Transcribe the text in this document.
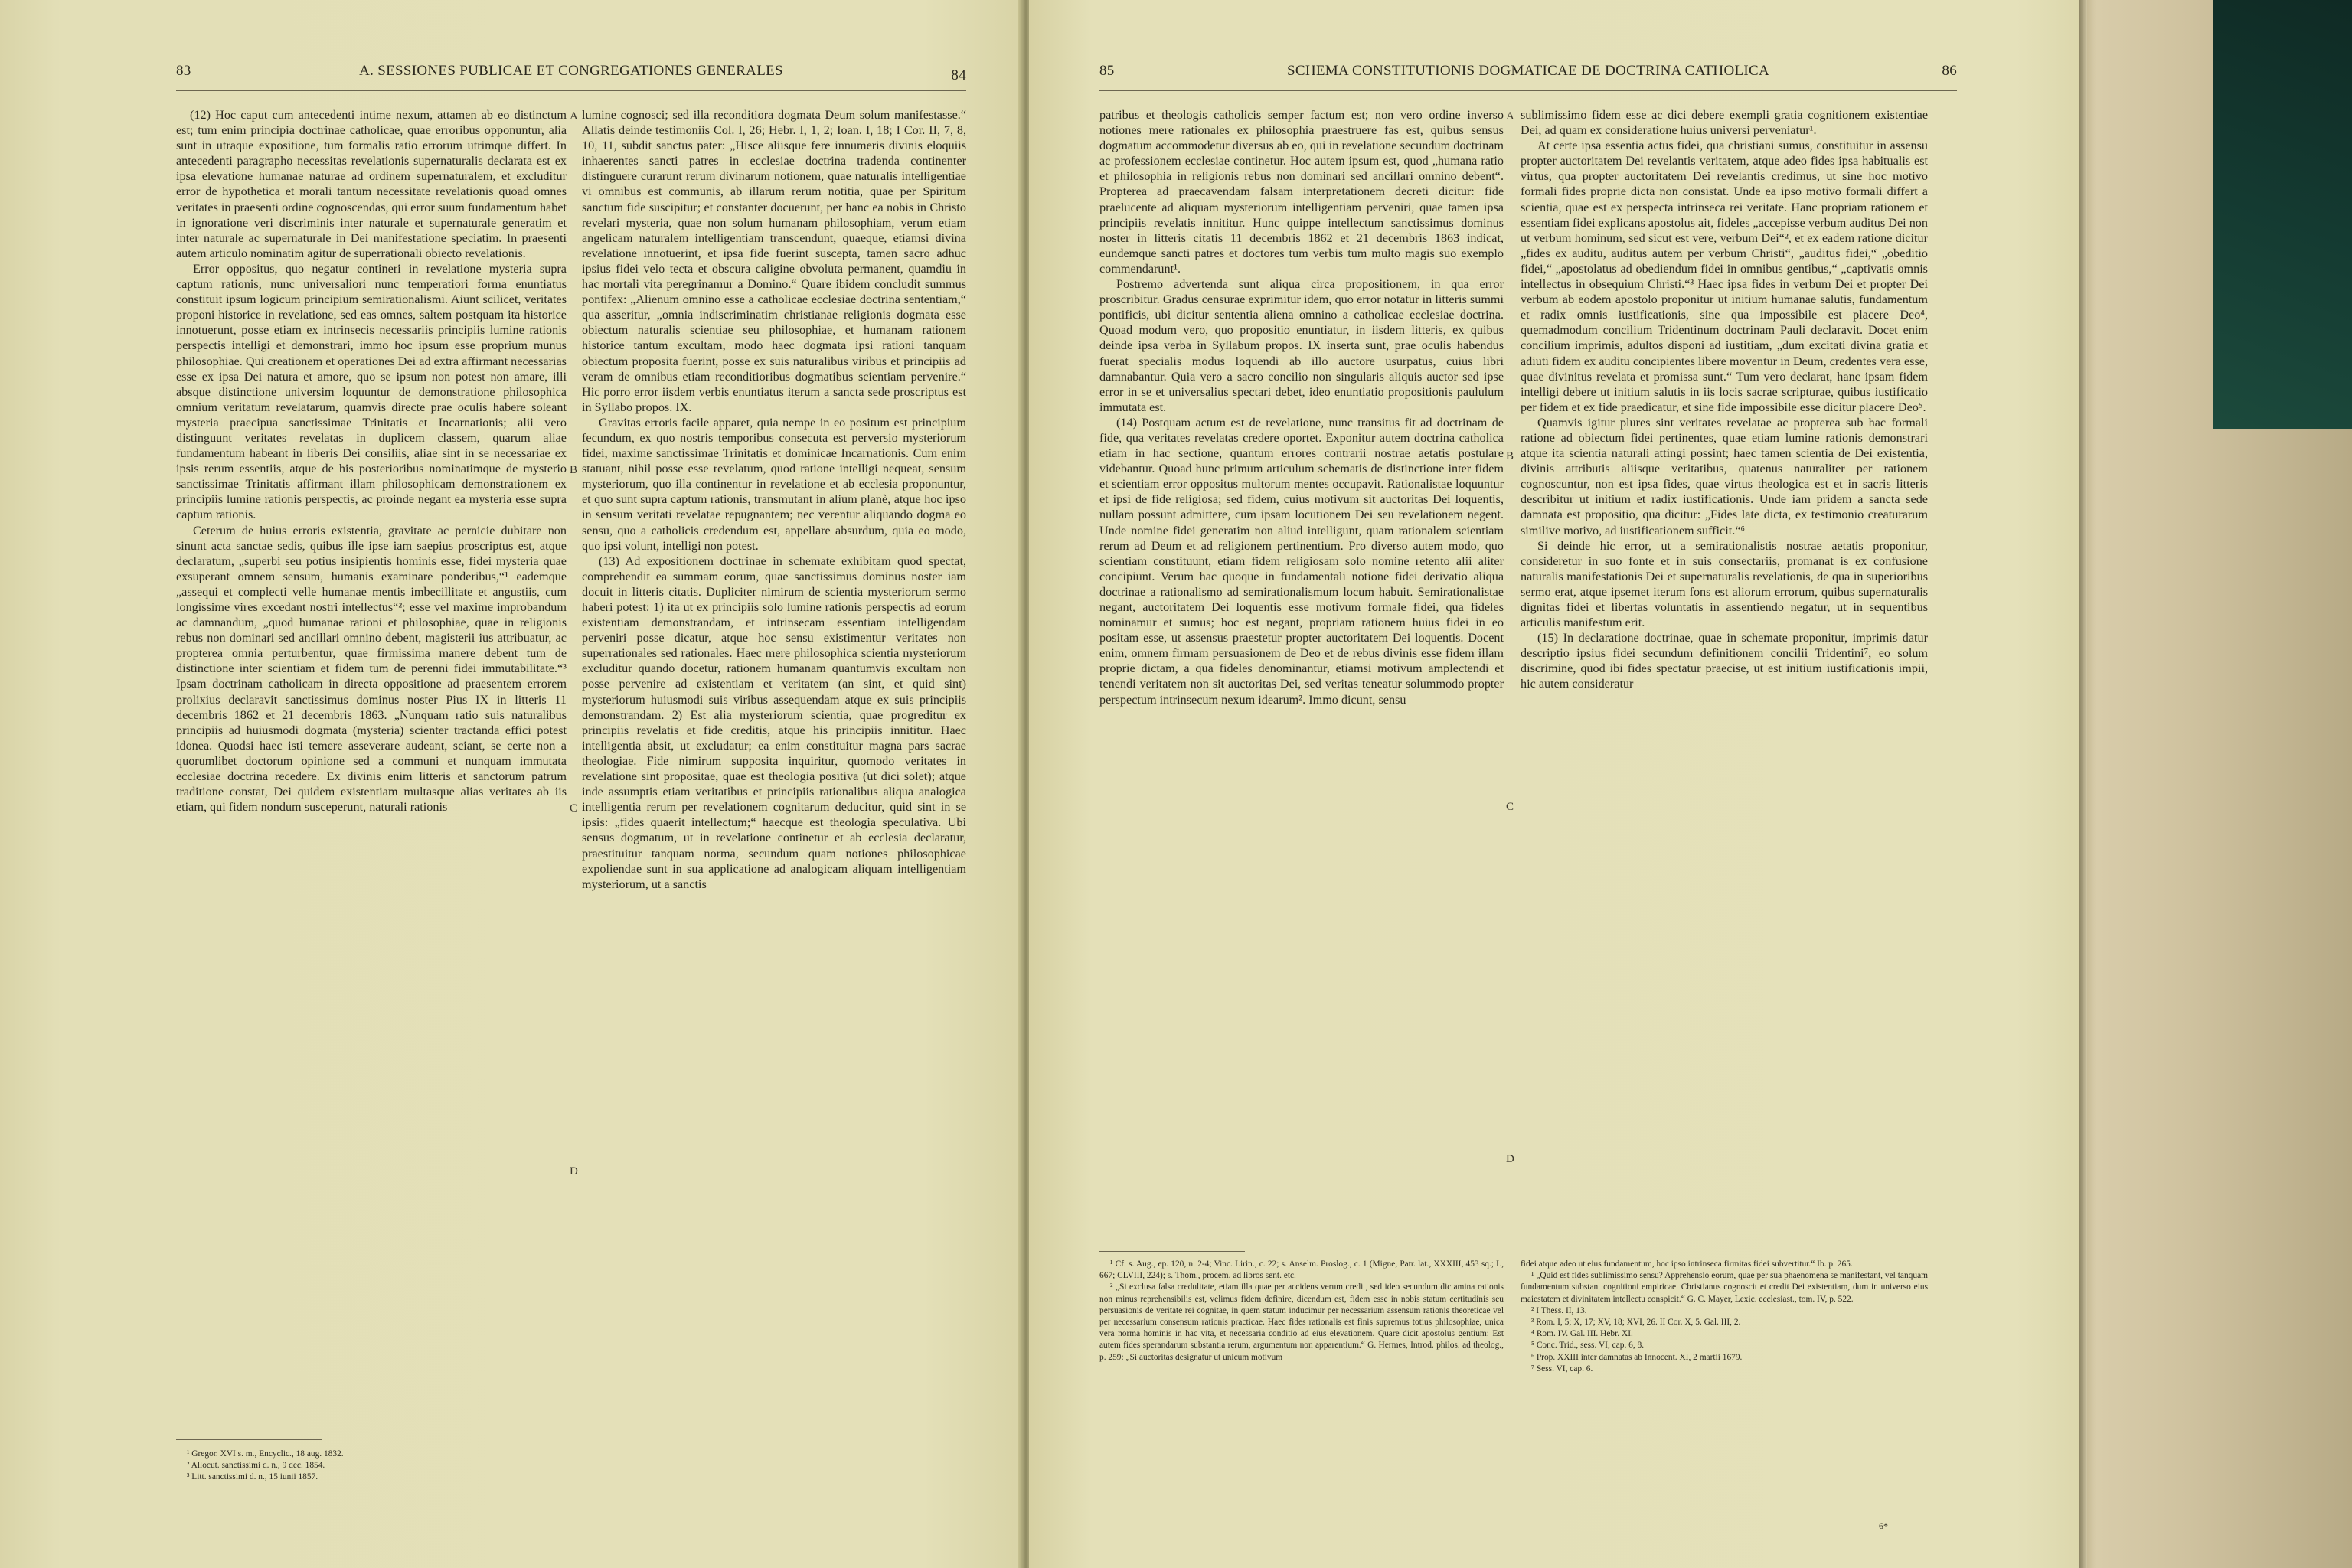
83	A. SESSIONES PUBLICAE ET CONGREGATIONES GENERALES	84

(12) Hoc caput cum antecedenti intime nexum, attamen ab eo distinctum est; tum enim principia doctrinae catholicae, quae erroribus opponuntur, alia sunt in utraque expositione, tum formalis ratio errorum utrimque differt. In antecedenti paragrapho necessitas revelationis supernaturalis declarata est ex ipsa elevatione humanae naturae ad ordinem supernaturalem, et excluditur error de hypothetica et morali tantum necessitate revelationis quoad omnes veritates in praesenti ordine cognoscendas, qui error suum fundamentum habet in ignoratione veri discriminis inter naturale et supernaturale generatim et inter naturale ac supernaturale in Dei manifestatione speciatim. In praesenti autem articulo nominatim agitur de superrationali obiecto revelationis.

Error oppositus, quo negatur contineri in revelatione mysteria supra captum rationis, nunc universaliori nunc temperatiori forma enuntiatus constituit ipsum logicum principium semirationalismi. Aiunt scilicet, veritates proponi historice in revelatione, sed eas omnes, saltem postquam ita historice innotuerunt, posse etiam ex intrinsecis necessariis principiis lumine rationis perspectis intelligi et demonstrari, immo hoc ipsum esse proprium munus philosophiae. Qui creationem et operationes Dei ad extra affirmant necessarias esse ex ipsa Dei natura et amore, quo se ipsum non potest non amare, illi absque distinctione universim loquuntur de demonstratione philosophica omnium veritatum revelatarum, quamvis directe prae oculis habere soleant mysteria praecipua sanctissimae Trinitatis et Incarnationis; alii vero distinguunt veritates revelatas in duplicem classem, quarum aliae fundamentum habeant in liberis Dei consiliis, aliae sint in se necessariae ex ipsis rerum essentiis, atque de his posterioribus nominatimque de mysterio sanctissimae Trinitatis affirmant illam philosophicam demonstrationem ex principiis lumine rationis perspectis, ac proinde negant ea mysteria esse supra captum rationis.

Ceterum de huius erroris existentia, gravitate ac pernicie dubitare non sinunt acta sanctae sedis, quibus ille ipse iam saepius proscriptus est, atque declaratum, „superbi seu potius insipientis hominis esse, fidei mysteria quae exsuperant omnem sensum, humanis examinare ponderibus,“¹ eademque „assequi et complecti velle humanae mentis imbecillitate et angustiis, cum longissime vires excedant nostri intellectus“²; esse vel maxime improbandum ac damnandum, „quod humanae rationi et philosophiae, quae in religionis rebus non dominari sed ancillari omnino debent, magisterii ius attribuatur, ac propterea omnia perturbentur, quae firmissima manere debent tum de distinctione inter scientiam et fidem tum de perenni fidei immutabilitate.“³ Ipsam doctrinam catholicam in directa oppositione ad praesentem errorem prolixius declaravit sanctissimus dominus noster Pius IX in litteris 11 decembris 1862 et 21 decembris 1863. „Nunquam ratio suis naturalibus principiis ad huiusmodi dogmata (mysteria) scienter tractanda effici potest idonea. Quodsi haec isti temere asseverare audeant, sciant, se certe non a quorumlibet doctorum opinione sed a communi et nunquam immutata ecclesiae doctrina recedere. Ex divinis enim litteris et sanctorum patrum traditione constat, Dei quidem existentiam multasque alias veritates ab iis etiam, qui fidem nondum susceperunt, naturali rationis

A
B
C
D

lumine cognosci; sed illa reconditiora dogmata Deum solum manifestasse.“ Allatis deinde testimoniis Col. I, 26; Hebr. I, 1, 2; Ioan. I, 18; I Cor. II, 7, 8, 10, 11, subdit sanctus pater: „Hisce aliisque fere innumeris divinis eloquiis inhaerentes sancti patres in ecclesiae doctrina tradenda continenter distinguere curarunt rerum divinarum notionem, quae naturalis intelligentiae vi omnibus est communis, ab illarum rerum notitia, quae per Spiritum sanctum fide suscipitur; et constanter docuerunt, per hanc ea nobis in Christo revelari mysteria, quae non solum humanam philosophiam, verum etiam angelicam naturalem intelligentiam transcendunt, quaeque, etiamsi divina revelatione innotuerint, et ipsa fide fuerint suscepta, tamen sacro adhuc ipsius fidei velo tecta et obscura caligine obvoluta permanent, quamdiu in hac mortali vita peregrinamur a Domino.“ Quare ibidem concludit summus pontifex: „Alienum omnino esse a catholicae ecclesiae doctrina sententiam,“ qua asseritur, „omnia indiscriminatim christianae religionis dogmata esse obiectum naturalis scientiae seu philosophiae, et humanam rationem historice tantum excultam, modo haec dogmata ipsi rationi tanquam obiectum proposita fuerint, posse ex suis naturalibus viribus et principiis ad veram de omnibus etiam reconditioribus dogmatibus scientiam pervenire.“ Hic porro error iisdem verbis enuntiatus iterum a sancta sede proscriptus est in Syllabo propos. IX.

Gravitas erroris facile apparet, quia nempe in eo positum est principium fecundum, ex quo nostris temporibus consecuta est perversio mysteriorum fidei, maxime sanctissimae Trinitatis et dominicae Incarnationis. Cum enim statuant, nihil posse esse revelatum, quod ratione intelligi nequeat, sensum mysteriorum, quo illa continentur in revelatione et ab ecclesia proponuntur, et quo sunt supra captum rationis, transmutant in alium planè, atque hoc ipso in sensum veritati revelatae repugnantem; nec verentur aliquando dogma eo sensu, quo a catholicis credendum est, appellare absurdum, quia eo modo, quo ipsi volunt, intelligi non potest.

(13) Ad expositionem doctrinae in schemate exhibitam quod spectat, comprehendit ea summam eorum, quae sanctissimus dominus noster iam docuit in litteris citatis. Dupliciter nimirum de scientia mysteriorum sermo haberi potest: 1) ita ut ex principiis solo lumine rationis perspectis ad eorum existentiam demonstrandam, et intrinsecam essentiam intelligendam perveniri posse dicatur, atque hoc sensu existimentur veritates non superrationales sed rationales. Haec mere philosophica scientia mysteriorum excluditur quando docetur, rationem humanam quantumvis excultam non posse pervenire ad existentiam et veritatem (an sint, et quid sint) mysteriorum huiusmodi suis viribus assequendam atque ex suis principiis demonstrandam. 2) Est alia mysteriorum scientia, quae progreditur ex principiis revelatis et fide creditis, atque his principiis innititur. Haec intelligentia absit, ut excludatur; ea enim constituitur magna pars sacrae theologiae. Fide nimirum supposita inquiritur, quomodo veritates in revelatione sint propositae, quae est theologia positiva (ut dici solet); atque inde assumptis etiam veritatibus et principiis rationalibus aliqua analogica intelligentia rerum per revelationem cognitarum deducitur, quid sint in se ipsis: „fides quaerit intellectum;“ haecque est theologia speculativa. Ubi sensus dogmatum, ut in revelatione continetur et ab ecclesia declaratur, praestituitur tanquam norma, secundum quam notiones philosophicae expoliendae sunt in sua applicatione ad analogicam aliquam intelligentiam mysteriorum, ut a sanctis

¹ Gregor. XVI s. m., Encyclic., 18 aug. 1832.

² Allocut. sanctissimi d. n., 9 dec. 1854.

³ Litt. sanctissimi d. n., 15 iunii 1857.

85	SCHEMA CONSTITUTIONIS DOGMATICAE DE DOCTRINA CATHOLICA	86

patribus et theologis catholicis semper factum est; non vero ordine inverso notiones mere rationales ex philosophia praestruere fas est, quibus sensus dogmatum accommodetur diversus ab eo, qui in revelatione secundum doctrinam ac professionem ecclesiae continetur. Hoc autem ipsum est, quod „humana ratio et philosophia in religionis rebus non dominari sed ancillari omnino debent“. Propterea ad praecavendam falsam interpretationem decreti dicitur: fide praelucente ad aliquam mysteriorum intelligentiam perveniri, quae tamen ipsa principiis revelatis innititur. Hunc quippe intellectum sanctissimus dominus noster in litteris citatis 11 decembris 1862 et 21 decembris 1863 indicat, eundemque sancti patres et doctores tum verbis tum multo magis suo exemplo commendarunt¹.

Postremo advertenda sunt aliqua circa propositionem, in qua error proscribitur. Gradus censurae exprimitur idem, quo error notatur in litteris summi pontificis, ubi dicitur sententia aliena omnino a catholicae ecclesiae doctrina. Quoad modum vero, quo propositio enuntiatur, in iisdem litteris, ex quibus deinde ipsa verba in Syllabum propos. IX inserta sunt, prae oculis habendus fuerat specialis modus loquendi ab illo auctore usurpatus, cuius libri damnabantur. Quia vero a sacro concilio non singularis aliquis auctor sed ipse error in se et universalius spectari debet, ideo enuntiatio propositionis paululum immutata est.

(14) Postquam actum est de revelatione, nunc transitus fit ad doctrinam de fide, qua veritates revelatas credere oportet. Exponitur autem doctrina catholica etiam in hac sectione, quantum errores contrarii nostrae aetatis postulare videbantur. Quoad hunc primum articulum schematis de distinctione inter fidem et scientiam error oppositus multorum mentes occupavit. Rationalistae loquuntur et ipsi de fide religiosa; sed fidem, cuius motivum sit auctoritas Dei loquentis, nullam possunt admittere, cum ipsam locutionem Dei seu revelationem negent. Unde nomine fidei generatim non aliud intelligunt, quam rationalem scientiam rerum ad Deum et ad religionem pertinentium. Pro diverso autem modo, quo scientiam constituunt, etiam fidem religiosam solo nomine retento alii aliter concipiunt. Verum hac quoque in fundamentali notione fidei derivatio aliqua doctrinae a rationalismo ad semirationalismum locum habuit. Semirationalistae negant, auctoritatem Dei loquentis esse motivum formale fidei, qua fideles nominamur et sumus; hoc est negant, propriam rationem huius fidei in eo positam esse, ut assensus praestetur propter auctoritatem Dei loquentis. Docent enim, omnem firmam persuasionem de Deo et de rebus divinis esse fidem illam proprie dictam, a qua fideles denominantur, etiamsi motivum amplectendi et tenendi veritatem non sit auctoritas Dei, sed veritas teneatur solummodo propter perspectum intrinsecum nexum idearum². Immo dicunt, sensu

A
B
C
D

sublimissimo fidem esse ac dici debere exempli gratia cognitionem existentiae Dei, ad quam ex consideratione huius universi perveniatur¹.

At certe ipsa essentia actus fidei, qua christiani sumus, constituitur in assensu propter auctoritatem Dei revelantis veritatem, atque adeo fides ipsa habitualis est virtus, qua propter auctoritatem Dei revelantis credimus, ut sine hoc motivo formali fides proprie dicta non consistat. Unde ea ipso motivo formali differt a scientia, quae est ex perspecta intrinseca rei veritate. Hanc propriam rationem et essentiam fidei explicans apostolus ait, fideles „accepisse verbum auditus Dei non ut verbum hominum, sed sicut est vere, verbum Dei“², et ex eadem ratione dicitur „fides ex auditu, auditus autem per verbum Christi“, „auditus fidei,“ „obeditio fidei,“ „apostolatus ad obediendum fidei in omnibus gentibus,“ „captivatis omnis intellectus in obsequium Christi.“³ Haec ipsa fides in verbum Dei et propter Dei verbum ab eodem apostolo proponitur ut initium humanae salutis, fundamentum et radix omnis iustificationis, sine qua impossibile est placere Deo⁴, quemadmodum concilium Tridentinum doctrinam Pauli declaravit. Docet enim concilium imprimis, adultos disponi ad iustitiam, „dum excitati divina gratia et adiuti fidem ex auditu concipientes libere moventur in Deum, credentes vera esse, quae divinitus revelata et promissa sunt.“ Tum vero declarat, hanc ipsam fidem intelligi debere ut initium salutis in iis locis sacrae scripturae, quibus iustificatio per fidem et ex fide praedicatur, et sine fide impossibile esse dicitur placere Deo⁵.

Quamvis igitur plures sint veritates revelatae ac propterea sub hac formali ratione ad obiectum fidei pertinentes, quae etiam lumine rationis demonstrari atque ita scientia naturali attingi possint; haec tamen scientia de Dei existentia, divinis attributis aliisque veritatibus, quatenus naturaliter per rationem cognoscuntur, non est ipsa fides, quae virtus theologica est et in sacris litteris describitur ut initium et radix iustificationis. Unde iam pridem a sancta sede damnata est propositio, qua dicitur: „Fides late dicta, ex testimonio creaturarum similive motivo, ad iustificationem sufficit.“⁶

Si deinde hic error, ut a semirationalistis nostrae aetatis proponitur, consideretur in suo fonte et in suis consectariis, promanat is ex confusione naturalis manifestationis Dei et supernaturalis revelationis, de qua in superioribus sermo erat, atque ipsemet iterum fons est aliorum errorum, quibus supernaturalis dignitas fidei et libertas voluntatis in assentiendo negatur, ut in sequentibus articulis manifestum erit.

(15) In declaratione doctrinae, quae in schemate proponitur, imprimis datur descriptio ipsius fidei secundum definitionem concilii Tridentini⁷, eo solum discrimine, quod ibi fides spectatur praecise, ut est initium iustificationis impii, hic autem consideratur

¹ Cf. s. Aug., ep. 120, n. 2-4; Vinc. Lirin., c. 22; s. Anselm. Proslog., c. 1 (Migne, Patr. lat., XXXIII, 453 sq.; L, 667; CLVIII, 224); s. Thom., procem. ad libros sent. etc.

² „Si exclusa falsa credulitate, etiam illa quae per accidens verum credit, sed ideo secundum dictamina rationis non minus reprehensibilis est, velimus fidem definire, dicendum est, fidem esse in nobis statum certitudinis seu persuasionis de veritate rei cognitae, in quem statum inducimur per necessarium assensum rationis theoreticae vel per necessarium consensum rationis practicae. Haec fides rationalis est finis supremus totius philosophiae, unica vera norma hominis in hac vita, et necessaria conditio ad eius elevationem. Quare dicit apostolus gentium: Est autem fides sperandarum substantia rerum, argumentum non apparentium.“ G. Hermes, Introd. philos. ad theolog., p. 259: „Si auctoritas designatur ut unicum motivum

fidei atque adeo ut eius fundamentum, hoc ipso intrinseca firmitas fidei subvertitur.“ Ib. p. 265.

¹ „Quid est fides sublimissimo sensu? Apprehensio eorum, quae per sua phaenomena se manifestant, vel tanquam fundamentum substant cognitioni empiricae. Christianus cognoscit et credit Dei existentiam, dum in universo eius maiestatem et divinitatem intellectu conspicit.“ G. C. Mayer, Lexic. ecclesiast., tom. IV, p. 522.

² I Thess. II, 13.

³ Rom. I, 5; X, 17; XV, 18; XVI, 26. II Cor. X, 5. Gal. III, 2.

⁴ Rom. IV. Gal. III. Hebr. XI.

⁵ Conc. Trid., sess. VI, cap. 6, 8.

⁶ Prop. XXIII inter damnatas ab Innocent. XI, 2 martii 1679.

⁷ Sess. VI, cap. 6.

6*
